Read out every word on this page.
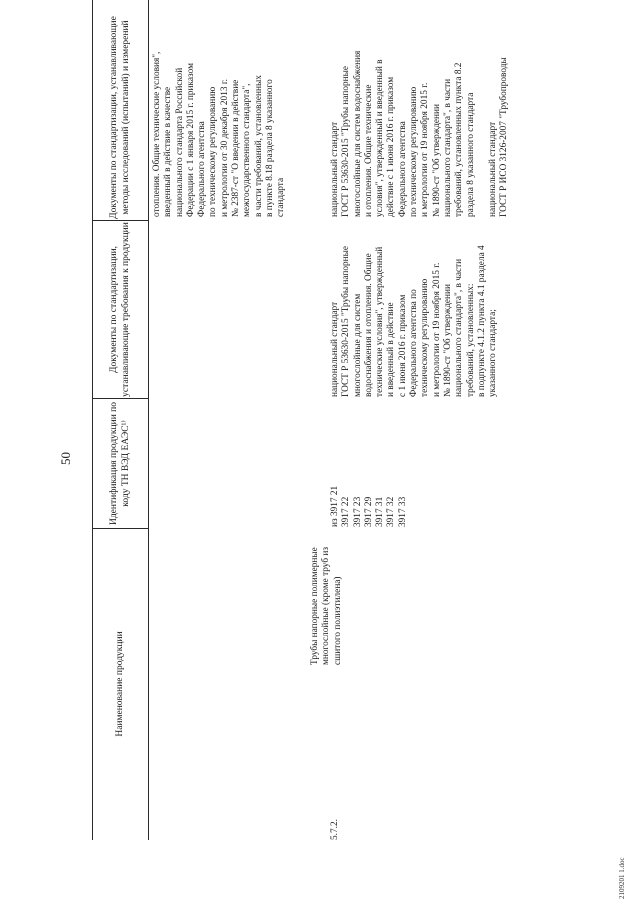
50
Наименование продукции
Идентификация продукции по коду ТН ВЭД ЕАЭС¹⁾
Документы по стандартизации, устанавливающие требования к продукции
Документы по стандартизации, устанавливающие методы исследований (испытаний) и измерений	отопления. Общие технические условия",
введенный в действие в качестве
национального стандарта Российской
Федерации с 1 января 2015 г. приказом
Федерального агентства
по техническому регулированию
и метрологии от 30 декабря 2013 г.
№ 2387-ст "О введении в действие
межгосударственного стандарта",
в части требований, установленных
в пункте 8.18 раздела 8 указанного
стандарта
5.7.2.
Трубы напорные полимерные многослойные (кроме труб из сшитого полиэтилена)
из 3917 21 3917 22 3917 23 3917 29 3917 31 3917 32 3917 33
национальный стандарт
ГОСТ Р 53630-2015 "Трубы напорные
многослойные для систем
водоснабжения и отопления. Общие
технические условия", утвержденный
и введенный в действие
с 1 июня 2016 г. приказом
Федерального агентства по
техническому регулированию
и метрологии от 19 ноября 2015 г.
№ 1890-ст "Об утверждении
национального стандарта", в части
требований, установленных:
в подпункте 4.1.2 пункта 4.1 раздела 4
указанного стандарта;
национальный стандарт
ГОСТ Р 53630-2015 "Трубы напорные
многослойные для систем водоснабжения
и отопления. Общие технические
условия", утвержденный и введенный в
действие с 1 июня 2016 г. приказом
Федерального агентства
по техническому регулированию
и метрологии от 19 ноября 2015 г.
№ 1890-ст "Об утверждении
национального стандарта", в части
требований, установленных пункта 8.2
раздела 8 указанного стандарта

национальный стандарт
ГОСТ Р ИСО 3126-2007 "Трубопроводы
2109201 1.doc
